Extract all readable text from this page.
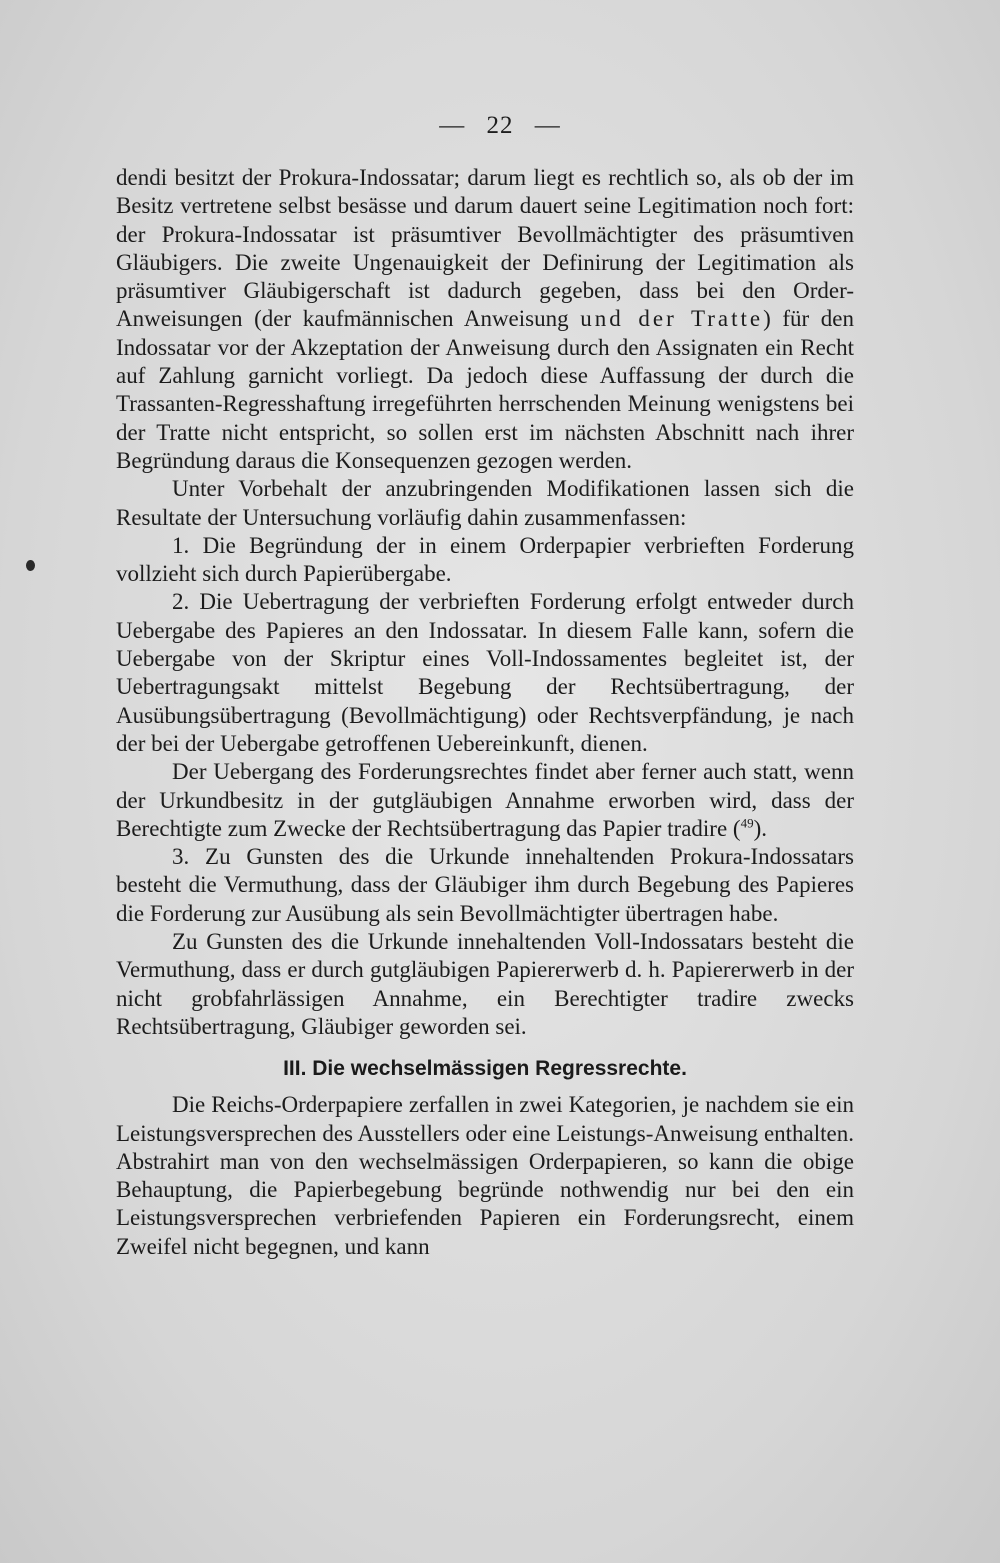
— 22 —

dendi besitzt der Prokura-Indossatar; darum liegt es rechtlich so, als ob der im Besitz vertretene selbst besässe und darum dauert seine Legitimation noch fort: der Prokura-Indossatar ist präsumtiver Bevollmächtigter des präsumtiven Gläubigers. Die zweite Ungenauigkeit der Definirung der Legitimation als präsumtiver Gläubigerschaft ist dadurch gegeben, dass bei den Order-Anweisungen (der kaufmännischen Anweisung und der Tratte) für den Indossatar vor der Akzeptation der Anweisung durch den Assignaten ein Recht auf Zahlung garnicht vorliegt. Da jedoch diese Auffassung der durch die Trassanten-Regresshaftung irregeführten herrschenden Meinung wenigstens bei der Tratte nicht entspricht, so sollen erst im nächsten Abschnitt nach ihrer Begründung daraus die Konsequenzen gezogen werden.

Unter Vorbehalt der anzubringenden Modifikationen lassen sich die Resultate der Untersuchung vorläufig dahin zusammenfassen:

1. Die Begründung der in einem Orderpapier verbrieften Forderung vollzieht sich durch Papierübergabe.

2. Die Uebertragung der verbrieften Forderung erfolgt entweder durch Uebergabe des Papieres an den Indossatar. In diesem Falle kann, sofern die Uebergabe von der Skriptur eines Voll-Indossamentes begleitet ist, der Uebertragungsakt mittelst Begebung der Rechtsübertragung, der Ausübungsübertragung (Bevollmächtigung) oder Rechtsverpfändung, je nach der bei der Uebergabe getroffenen Uebereinkunft, dienen.

Der Uebergang des Forderungsrechtes findet aber ferner auch statt, wenn der Urkundbesitz in der gutgläubigen Annahme erworben wird, dass der Berechtigte zum Zwecke der Rechtsübertragung das Papier tradire ($^{49}$).

3. Zu Gunsten des die Urkunde innehaltenden Prokura-Indossatars besteht die Vermuthung, dass der Gläubiger ihm durch Begebung des Papieres die Forderung zur Ausübung als sein Bevollmächtigter übertragen habe.

Zu Gunsten des die Urkunde innehaltenden Voll-Indossatars besteht die Vermuthung, dass er durch gutgläubigen Papiererwerb d. h. Papiererwerb in der nicht grobfahrlässigen Annahme, ein Berechtigter tradire zwecks Rechtsübertragung, Gläubiger geworden sei.

III. Die wechselmässigen Regressrechte.

Die Reichs-Orderpapiere zerfallen in zwei Kategorien, je nachdem sie ein Leistungsversprechen des Ausstellers oder eine Leistungs-Anweisung enthalten. Abstrahirt man von den wechselmässigen Orderpapieren, so kann die obige Behauptung, die Papierbegebung begründe nothwendig nur bei den ein Leistungsversprechen verbriefenden Papieren ein Forderungsrecht, einem Zweifel nicht begegnen, und kann
